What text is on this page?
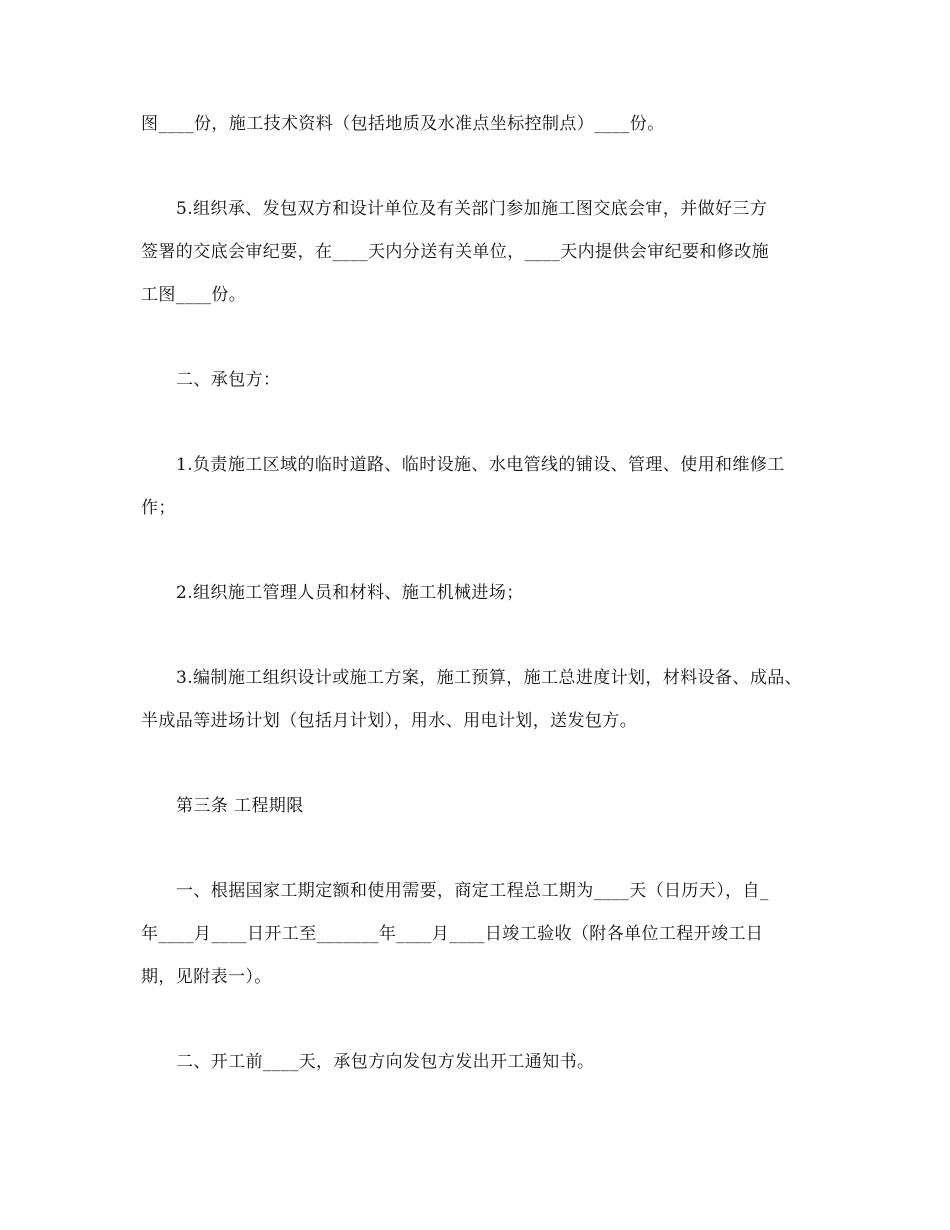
图____份，施工技术资料（包括地质及水准点坐标控制点）____份。
5.组织承、发包双方和设计单位及有关部门参加施工图交底会审，并做好三方
签署的交底会审纪要，在____天内分送有关单位，____天内提供会审纪要和修改施
工图____份。
二、承包方：
1.负责施工区域的临时道路、临时设施、水电管线的铺设、管理、使用和维修工
作；
2.组织施工管理人员和材料、施工机械进场；
3.编制施工组织设计或施工方案，施工预算，施工总进度计划，材料设备、成品、
半成品等进场计划（包括月计划），用水、用电计划，送发包方。
第三条 工程期限
一、根据国家工期定额和使用需要，商定工程总工期为____天（日历天），自_
年____月____日开工至_______年____月____日竣工验收（附各单位工程开竣工日
期，见附表一）。
二、开工前____天，承包方向发包方发出开工通知书。
